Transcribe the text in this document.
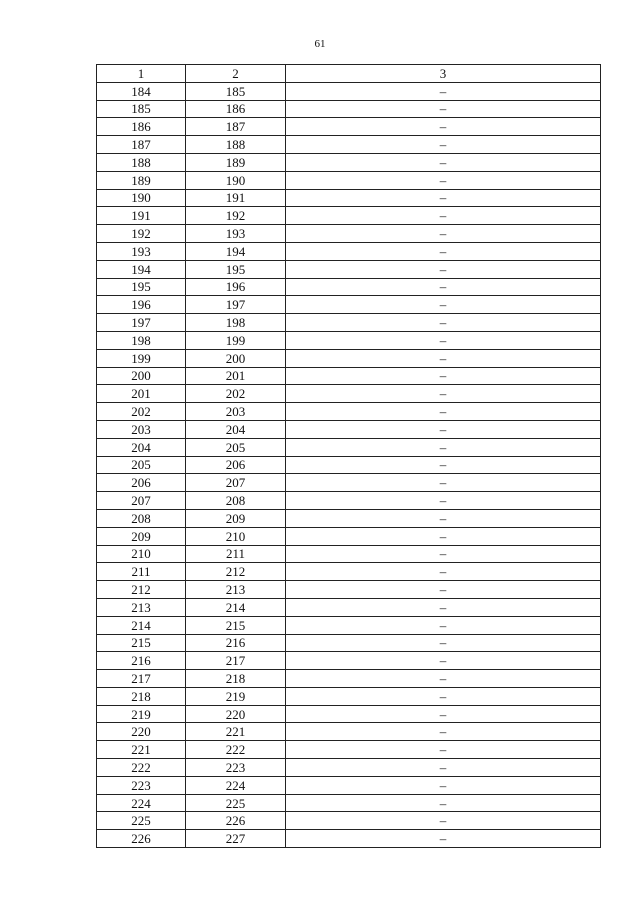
61
1	2	3
184	185	–
185	186	–
186	187	–
187	188	–
188	189	–
189	190	–
190	191	–
191	192	–
192	193	–
193	194	–
194	195	–
195	196	–
196	197	–
197	198	–
198	199	–
199	200	–
200	201	–
201	202	–
202	203	–
203	204	–
204	205	–
205	206	–
206	207	–
207	208	–
208	209	–
209	210	–
210	211	–
211	212	–
212	213	–
213	214	–
214	215	–
215	216	–
216	217	–
217	218	–
218	219	–
219	220	–
220	221	–
221	222	–
222	223	–
223	224	–
224	225	–
225	226	–
226	227	–
